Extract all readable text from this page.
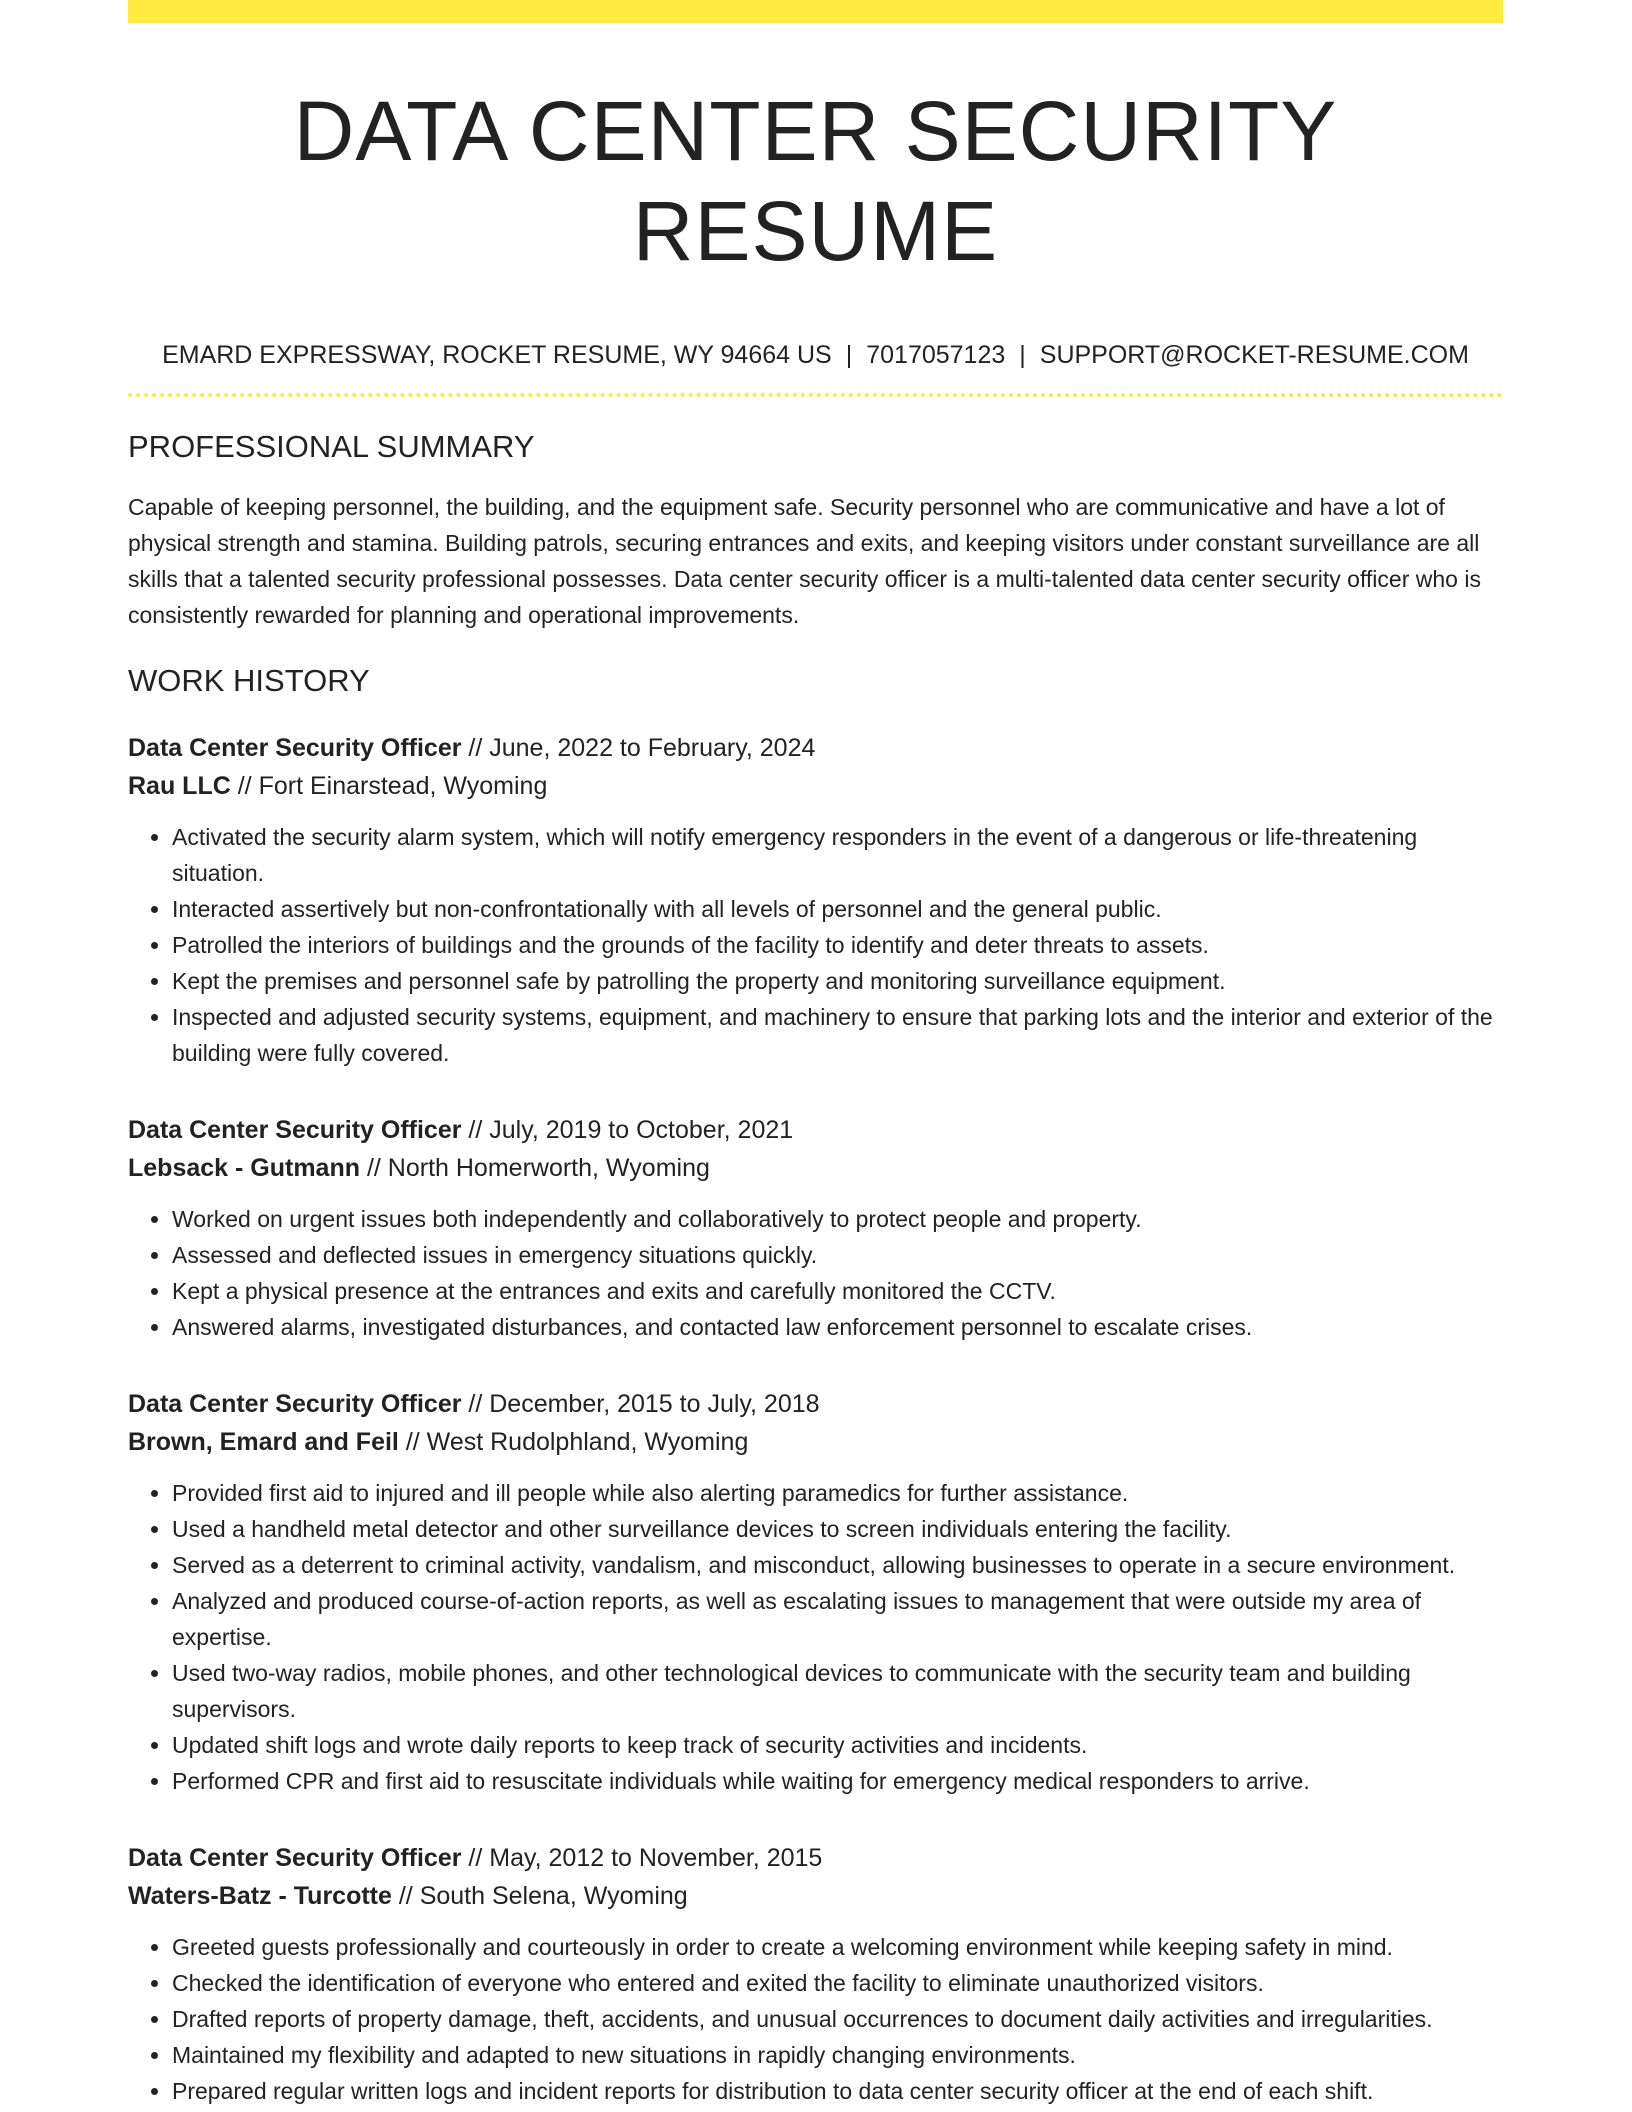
DATA CENTER SECURITY RESUME
EMARD EXPRESSWAY, ROCKET RESUME, WY 94664 US | 7017057123 | SUPPORT@ROCKET-RESUME.COM
PROFESSIONAL SUMMARY

Capable of keeping personnel, the building, and the equipment safe. Security personnel who are communicative and have a lot of physical strength and stamina. Building patrols, securing entrances and exits, and keeping visitors under constant surveillance are all skills that a talented security professional possesses. Data center security officer is a multi-talented data center security officer who is consistently rewarded for planning and operational improvements.

WORK HISTORY
Data Center Security Officer // June, 2022 to February, 2024
Rau LLC // Fort Einarstead, Wyoming
• Activated the security alarm system, which will notify emergency responders in the event of a dangerous or life-threatening situation.
• Interacted assertively but non-confrontationally with all levels of personnel and the general public.
• Patrolled the interiors of buildings and the grounds of the facility to identify and deter threats to assets.
• Kept the premises and personnel safe by patrolling the property and monitoring surveillance equipment.
• Inspected and adjusted security systems, equipment, and machinery to ensure that parking lots and the interior and exterior of the building were fully covered.
Data Center Security Officer // July, 2019 to October, 2021
Lebsack - Gutmann // North Homerworth, Wyoming
• Worked on urgent issues both independently and collaboratively to protect people and property.
• Assessed and deflected issues in emergency situations quickly.
• Kept a physical presence at the entrances and exits and carefully monitored the CCTV.
• Answered alarms, investigated disturbances, and contacted law enforcement personnel to escalate crises.
Data Center Security Officer // December, 2015 to July, 2018
Brown, Emard and Feil // West Rudolphland, Wyoming
• Provided first aid to injured and ill people while also alerting paramedics for further assistance.
• Used a handheld metal detector and other surveillance devices to screen individuals entering the facility.
• Served as a deterrent to criminal activity, vandalism, and misconduct, allowing businesses to operate in a secure environment.
• Analyzed and produced course-of-action reports, as well as escalating issues to management that were outside my area of expertise.
• Used two-way radios, mobile phones, and other technological devices to communicate with the security team and building supervisors.
• Updated shift logs and wrote daily reports to keep track of security activities and incidents.
• Performed CPR and first aid to resuscitate individuals while waiting for emergency medical responders to arrive.
Data Center Security Officer // May, 2012 to November, 2015
Waters-Batz - Turcotte // South Selena, Wyoming
• Greeted guests professionally and courteously in order to create a welcoming environment while keeping safety in mind.
• Checked the identification of everyone who entered and exited the facility to eliminate unauthorized visitors.
• Drafted reports of property damage, theft, accidents, and unusual occurrences to document daily activities and irregularities.
• Maintained my flexibility and adapted to new situations in rapidly changing environments.
• Prepared regular written logs and incident reports for distribution to data center security officer at the end of each shift.
